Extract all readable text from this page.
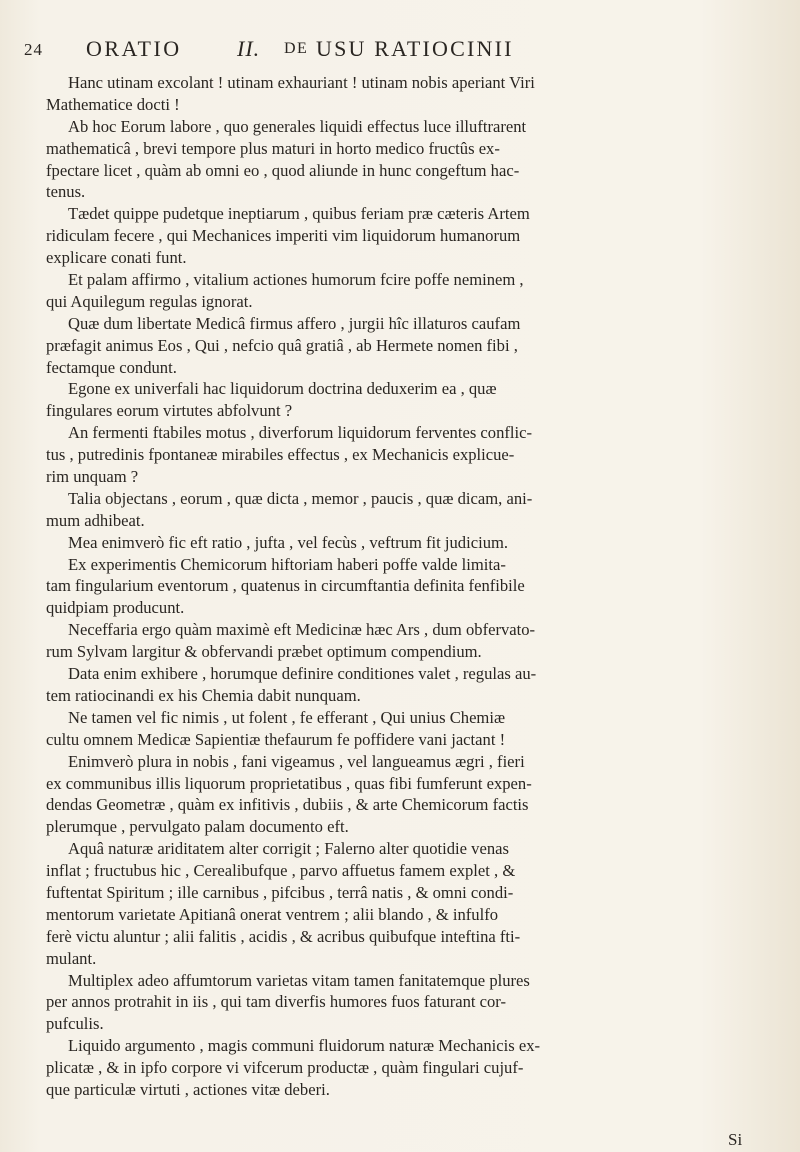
24 ORATIO	II. DE USU RATIOCINII
Hanc utinam excolant ! utinam exhauriant ! utinam nobis aperiant Viri
Mathematice docti !
Ab hoc Eorum labore , quo generales liquidi effectus luce illuftrarent
mathematicâ , brevi tempore plus maturi in horto medico fructûs ex-
fpectare licet , quàm ab omni eo , quod aliunde in hunc congeftum hac-
tenus.
Tædet quippe pudetque ineptiarum , quibus feriam præ cæteris Artem
ridiculam fecere , qui Mechanices imperiti vim liquidorum humanorum
explicare conati funt.
Et palam affirmo , vitalium actiones humorum fcire poffe neminem ,
qui Aquilegum regulas ignorat.
Quæ dum libertate Medicâ firmus affero , jurgii hîc illaturos caufam
præfagit animus Eos , Qui , nefcio quâ gratiâ , ab Hermete nomen fibi ,
fectamque condunt.
Egone ex univerfali hac liquidorum doctrina deduxerim ea , quæ
fingulares eorum virtutes abfolvunt ?
An fermenti ftabiles motus , diverforum liquidorum ferventes conflic-
tus , putredinis fpontaneæ mirabiles effectus , ex Mechanicis explicue-
rim unquam ?
Talia objectans , eorum , quæ dicta , memor , paucis , quæ dicam, ani-
mum adhibeat.
Mea enimverò fic eft ratio , jufta , vel fecùs , veftrum fit judicium.
Ex experimentis Chemicorum hiftoriam haberi poffe valde limita-
tam fingularium eventorum , quatenus in circumftantia definita fenfibile
quidpiam producunt.
Neceffaria ergo quàm maximè eft Medicinæ hæc Ars , dum obfervato-
rum Sylvam largitur & obfervandi præbet optimum compendium.
Data enim exhibere , horumque definire conditiones valet , regulas au-
tem ratiocinandi ex his Chemia dabit nunquam.
Ne tamen vel fic nimis , ut folent , fe efferant , Qui unius Chemiæ
cultu omnem Medicæ Sapientiæ thefaurum fe poffidere vani jactant !
Enimverò plura in nobis , fani vigeamus , vel langueamus ægri , fieri
ex communibus illis liquorum proprietatibus , quas fibi fumferunt expen-
dendas Geometræ , quàm ex infitivis , dubiis , & arte Chemicorum factis
plerumque , pervulgato palam documento eft.
Aquâ naturæ ariditatem alter corrigit ; Falerno alter quotidie venas
inflat ; fructubus hic , Cerealibufque , parvo affuetus famem explet , &
fuftentat Spiritum ; ille carnibus , pifcibus , terrâ natis , & omni condi-
mentorum varietate Apitianâ onerat ventrem ; alii blando , & infulfo
ferè victu aluntur ; alii falitis , acidis , & acribus quibufque inteftina fti-
mulant.
Multiplex adeo affumtorum varietas vitam tamen fanitatemque plures
per annos protrahit in iis , qui tam diverfis humores fuos faturant cor-
pufculis.
Liquido argumento , magis communi fluidorum naturæ Mechanicis ex-
plicatæ , & in ipfo corpore vi vifcerum productæ , quàm fingulari cujuf-
que particulæ virtuti , actiones vitæ deberi.
Si
